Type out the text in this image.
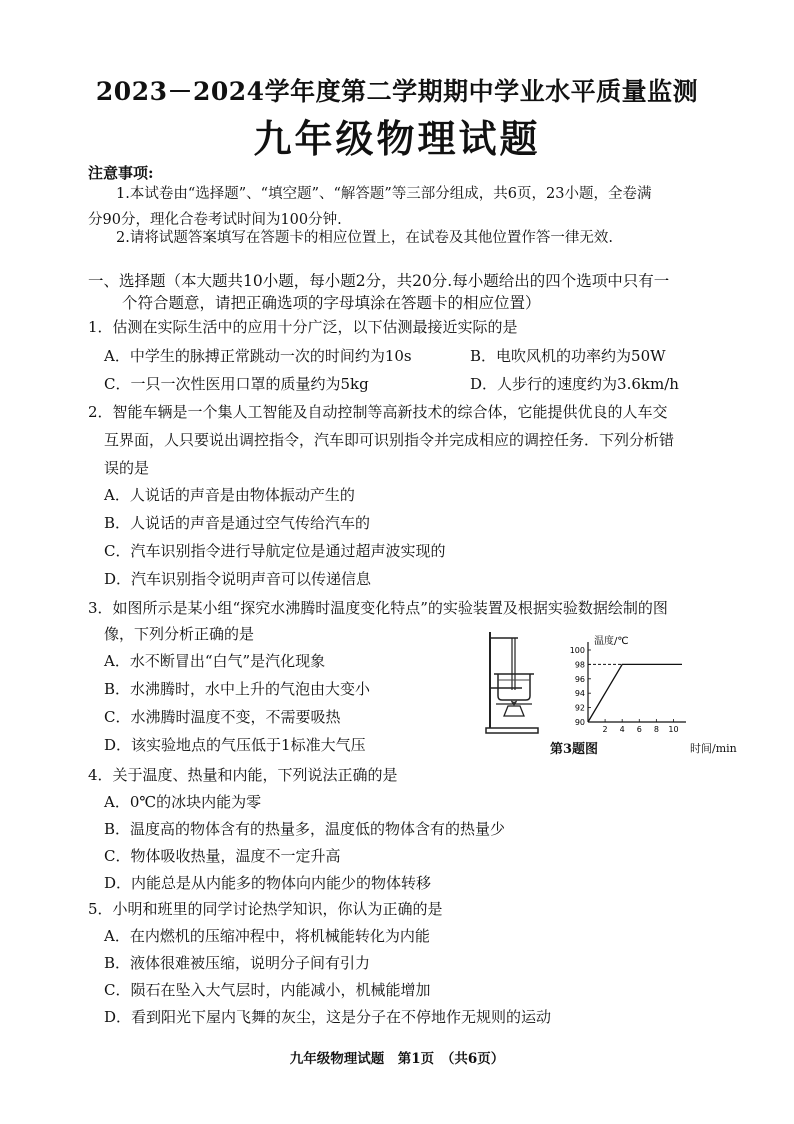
2023－2024学年度第二学期期中学业水平质量监测
九年级物理试题
注意事项:
1.本试卷由“选择题”、“填空题”、“解答题”等三部分组成，共6页，23小题，全卷满
分90分，理化合卷考试时间为100分钟.
2.请将试题答案填写在答题卡的相应位置上，在试卷及其他位置作答一律无效.
一、选择题（本大题共10小题，每小题2分，共20分.每小题给出的四个选项中只有一
个符合题意，请把正确选项的字母填涂在答题卡的相应位置）
1．估测在实际生活中的应用十分广泛，以下估测最接近实际的是
A．中学生的脉搏正常跳动一次的时间约为10s	B．电吹风机的功率约为50W
C．一只一次性医用口罩的质量约为5kg	D．人步行的速度约为3.6km/h
2．智能车辆是一个集人工智能及自动控制等高新技术的综合体，它能提供优良的人车交
互界面，人只要说出调控指令，汽车即可识别指令并完成相应的调控任务．下列分析错
误的是
A．人说话的声音是由物体振动产生的
B．人说话的声音是通过空气传给汽车的
C．汽车识别指令进行导航定位是通过超声波实现的
D．汽车识别指令说明声音可以传递信息
3．如图所示是某小组“探究水沸腾时温度变化特点”的实验装置及根据实验数据绘制的图
像，下列分析正确的是
A．水不断冒出“白气”是汽化现象
B．水沸腾时，水中上升的气泡由大变小
C．水沸腾时温度不变，不需要吸热
D．该实验地点的气压低于1标准大气压
90
92
94
96
98
100
2 4 6 8 10
温度/℃
第3题图	时间/min
4．关于温度、热量和内能，下列说法正确的是
A．0℃的冰块内能为零
B．温度高的物体含有的热量多，温度低的物体含有的热量少
C．物体吸收热量，温度不一定升高
D．内能总是从内能多的物体向内能少的物体转移
5．小明和班里的同学讨论热学知识，你认为正确的是
A．在内燃机的压缩冲程中，将机械能转化为内能
B．液体很难被压缩，说明分子间有引力
C．陨石在坠入大气层时，内能减小，机械能增加
D．看到阳光下屋内飞舞的灰尘，这是分子在不停地作无规则的运动
九年级物理试题　第1页　（共6页）
